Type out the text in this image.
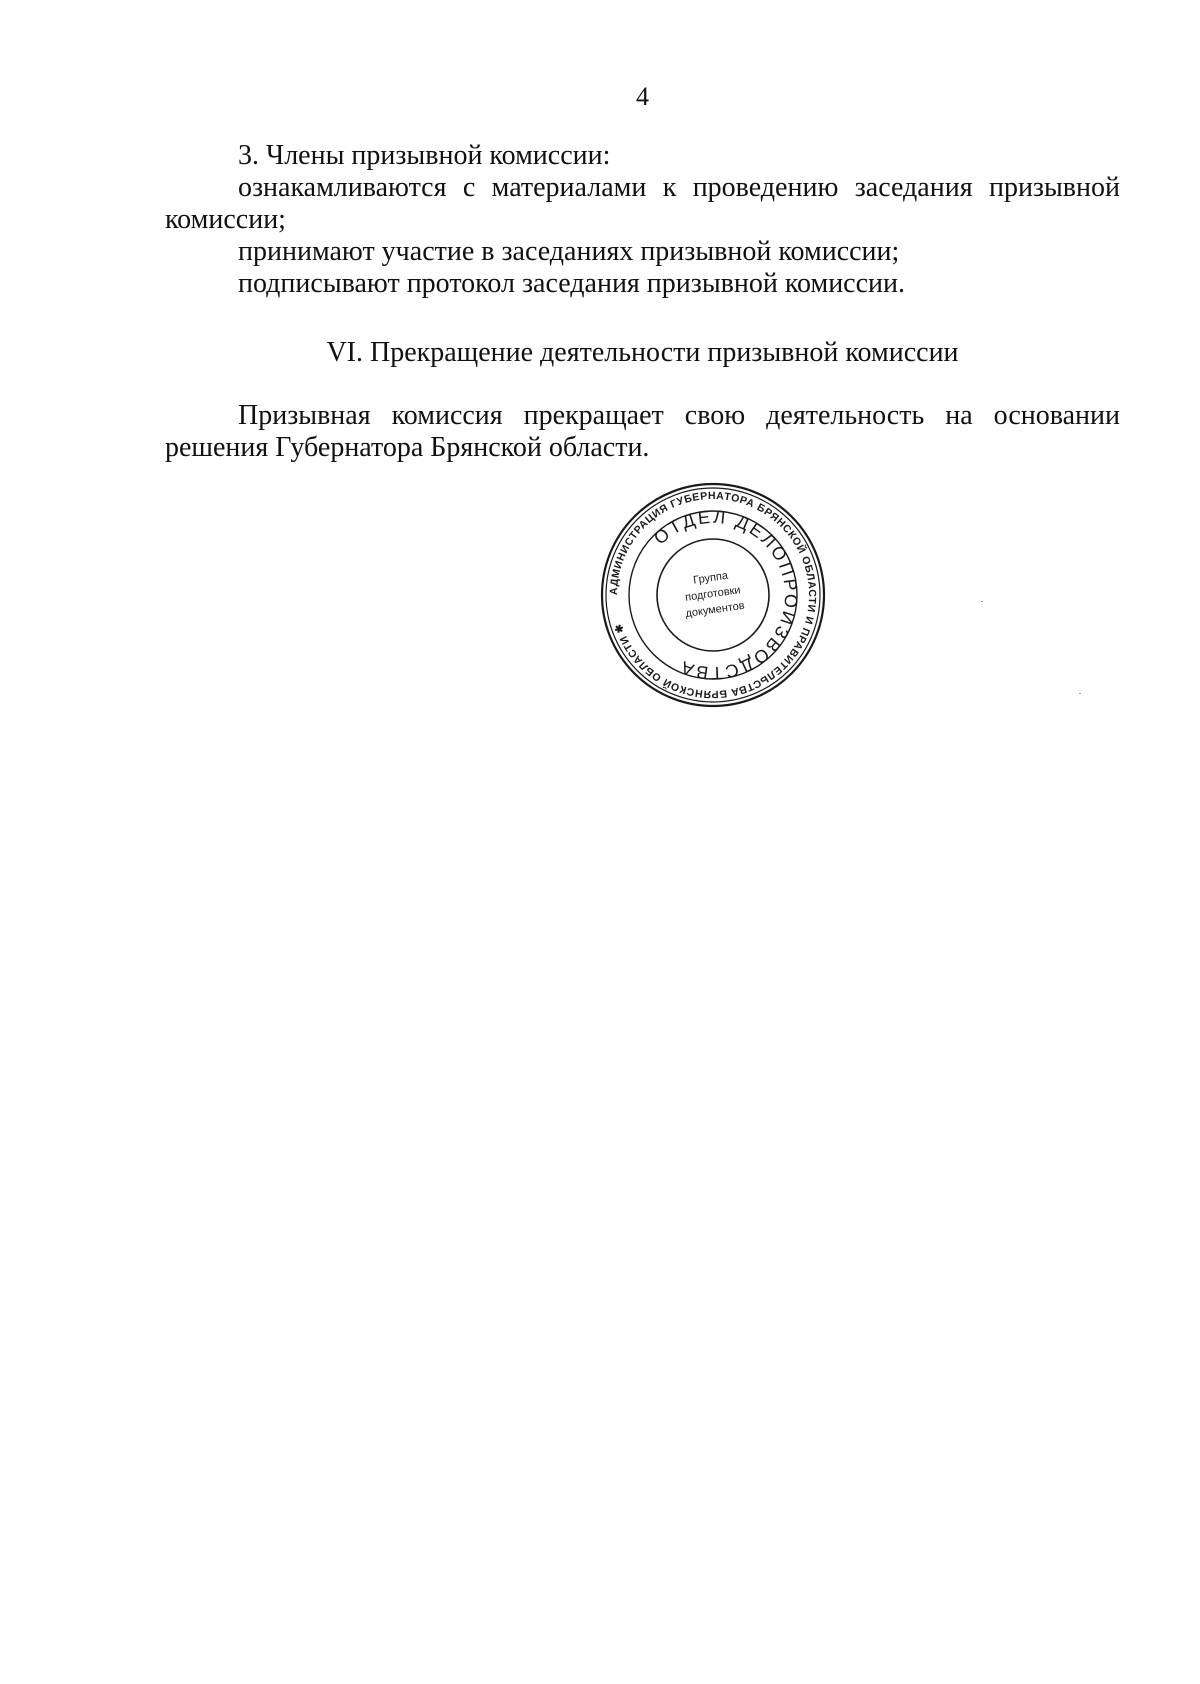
4

3. Члены призывной комиссии:

ознакамливаются с материалами к проведению заседания призывной

комиссии;

принимают участие в заседаниях призывной комиссии;

подписывают протокол заседания призывной комиссии.

VI. Прекращение деятельности призывной комиссии

Призывная комиссия прекращает свою деятельность на основании

решения Губернатора Брянской области.

АДМИНИСТРАЦИЯ ГУБЕРНАТОРА БРЯНСКОЙ ОБЛАСТИ И ПРАВИТЕЛЬСТВА БРЯНСКОЙ ОБЛАСТИ ✱
ОТДЕЛ ДЕЛОПРОИЗВОДСТВА
Группа
подготовки
документов
